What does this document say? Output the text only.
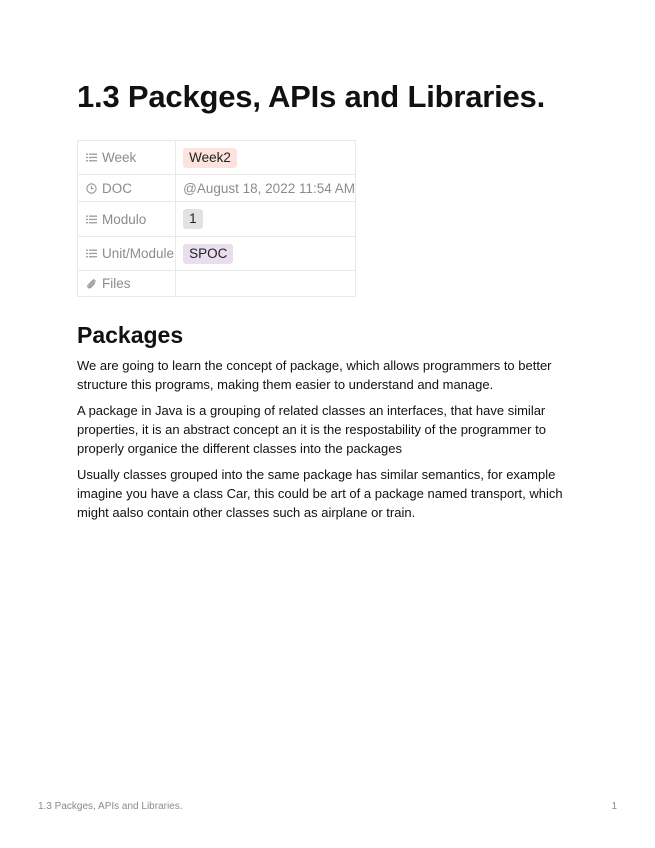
1.3 Packges, APIs and Libraries.
Week	Week2

DOC	@August 18, 2022 11:54 AM

Modulo	1

Unit/Module	SPOC

Files	

Packages

We are going to learn the concept of package, which allows programmers to better structure this programs, making them easier to understand and manage.

A package in Java is a grouping of related classes an interfaces, that have similar properties, it is an abstract concept an it is the respostability of the programmer to properly organice the different classes into the packages

Usually classes grouped into the same package has similar semantics, for example imagine you have a class Car, this could be art of a package named transport, which might aalso contain other classes such as airplane or train.

1.3 Packges, APIs and Libraries.	1
